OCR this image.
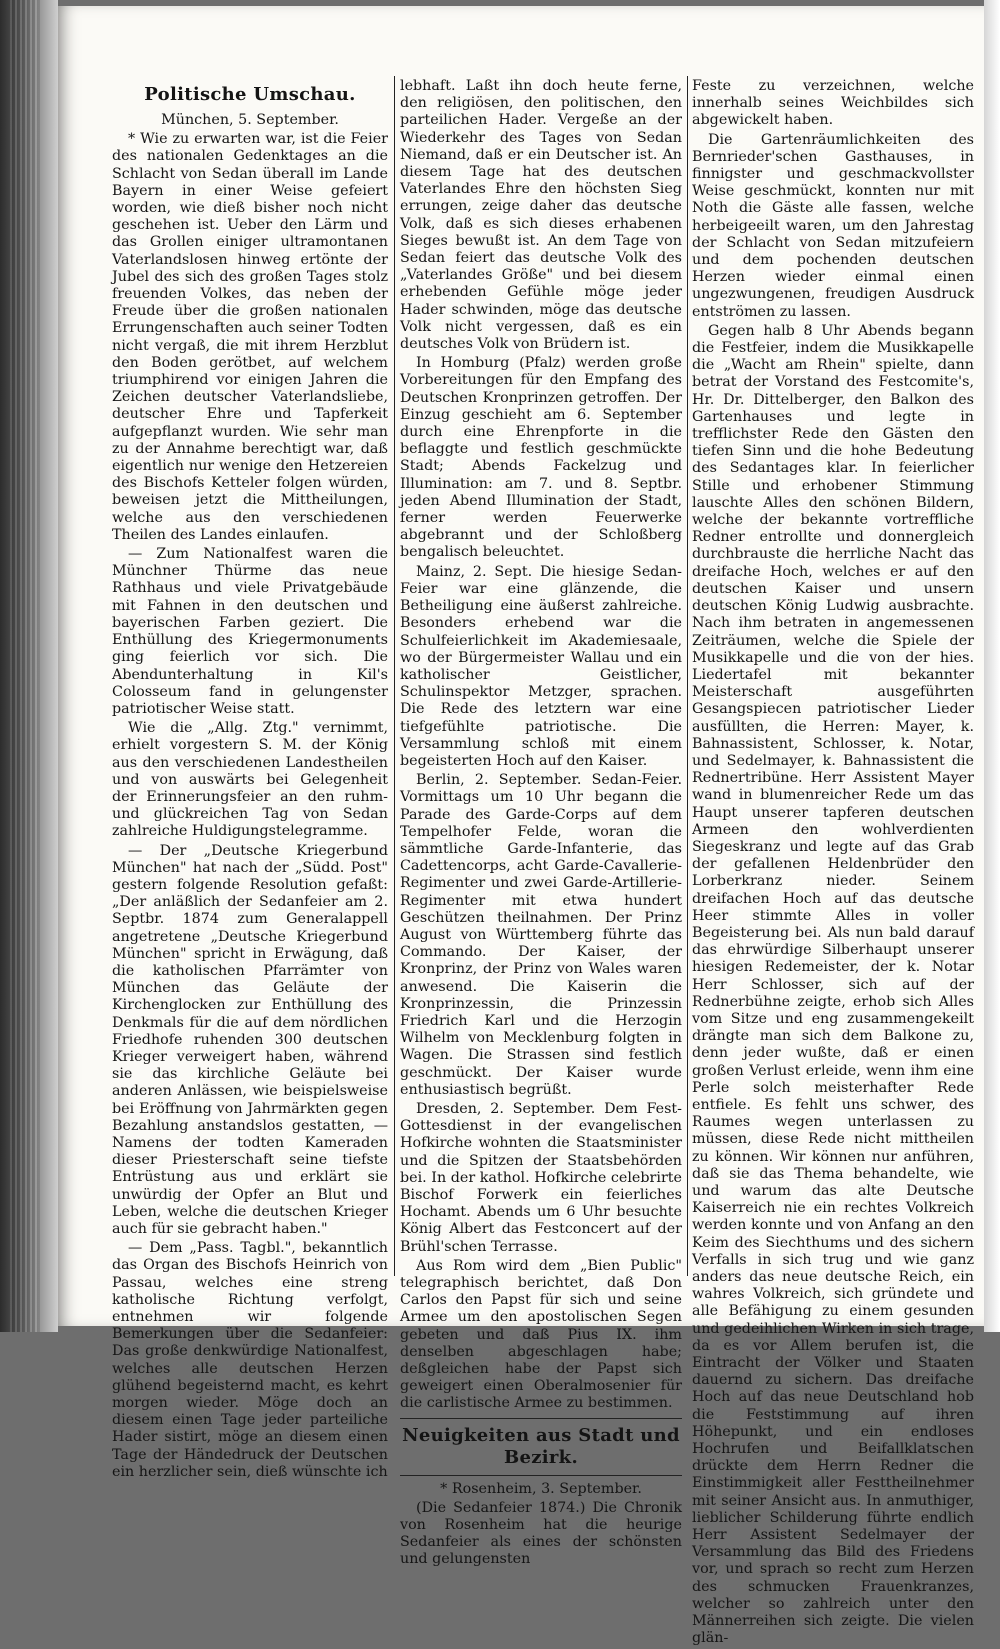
Politische Umschau.

München, 5. September.

* Wie zu erwarten war, ist die Feier des nationalen Gedenktages an die Schlacht von Sedan überall im Lande Bayern in einer Weise gefeiert worden, wie dieß bisher noch nicht geschehen ist. Ueber den Lärm und das Grollen einiger ultramontanen Vaterlandslosen hinweg ertönte der Jubel des sich des großen Tages stolz freuenden Volkes, das neben der Freude über die großen nationalen Errungenschaften auch seiner Todten nicht vergaß, die mit ihrem Herzblut den Boden gerötbet, auf welchem triumphirend vor einigen Jahren die Zeichen deutscher Vaterlandsliebe, deutscher Ehre und Tapferkeit aufgepflanzt wurden. Wie sehr man zu der Annahme berechtigt war, daß eigentlich nur wenige den Hetzereien des Bischofs Ketteler folgen würden, beweisen jetzt die Mittheilungen, welche aus den verschiedenen Theilen des Landes einlaufen.

— Zum Nationalfest waren die Münchner Thürme das neue Rathhaus und viele Privatgebäude mit Fahnen in den deutschen und bayerischen Farben geziert. Die Enthüllung des Kriegermonuments ging feierlich vor sich. Die Abendunterhaltung in Kil's Colosseum fand in gelungenster patriotischer Weise statt.

Wie die „Allg. Ztg." vernimmt, erhielt vorgestern S. M. der König aus den verschiedenen Landestheilen und von auswärts bei Gelegenheit der Erinnerungsfeier an den ruhm- und glückreichen Tag von Sedan zahlreiche Huldigungstelegramme.

— Der „Deutsche Kriegerbund München" hat nach der „Südd. Post" gestern folgende Resolution gefaßt: „Der anläßlich der Sedanfeier am 2. Septbr. 1874 zum Generalappell angetretene „Deutsche Kriegerbund München" spricht in Erwägung, daß die katholischen Pfarrämter von München das Geläute der Kirchenglocken zur Enthüllung des Denkmals für die auf dem nördlichen Friedhofe ruhenden 300 deutschen Krieger verweigert haben, während sie das kirchliche Geläute bei anderen Anlässen, wie beispielsweise bei Eröffnung von Jahrmärkten gegen Bezahlung anstandslos gestatten, — Namens der todten Kameraden dieser Priesterschaft seine tiefste Entrüstung aus und erklärt sie unwürdig der Opfer an Blut und Leben, welche die deutschen Krieger auch für sie gebracht haben."

— Dem „Pass. Tagbl.", bekanntlich das Organ des Bischofs Heinrich von Passau, welches eine streng katholische Richtung verfolgt, entnehmen wir folgende Bemerkungen über die Sedanfeier: Das große denkwürdige Nationalfest, welches alle deutschen Herzen glühend begeisternd macht, es kehrt morgen wieder. Möge doch an diesem einen Tage jeder parteiliche Hader sistirt, möge an diesem einen Tage der Händedruck der Deutschen ein herzlicher sein, dieß wünschte ich

lebhaft. Laßt ihn doch heute ferne, den religiösen, den politischen, den parteilichen Hader. Vergeße an der Wiederkehr des Tages von Sedan Niemand, daß er ein Deutscher ist. An diesem Tage hat des deutschen Vaterlandes Ehre den höchsten Sieg errungen, zeige daher das deutsche Volk, daß es sich dieses erhabenen Sieges bewußt ist. An dem Tage von Sedan feiert das deutsche Volk des „Vaterlandes Größe" und bei diesem erhebenden Gefühle möge jeder Hader schwinden, möge das deutsche Volk nicht vergessen, daß es ein deutsches Volk von Brüdern ist.

In Homburg (Pfalz) werden große Vorbereitungen für den Empfang des Deutschen Kronprinzen getroffen. Der Einzug geschieht am 6. September durch eine Ehrenpforte in die beflaggte und festlich geschmückte Stadt; Abends Fackelzug und Illumination: am 7. und 8. Septbr. jeden Abend Illumination der Stadt, ferner werden Feuerwerke abgebrannt und der Schloßberg bengalisch beleuchtet.

Mainz, 2. Sept. Die hiesige Sedan-Feier war eine glänzende, die Betheiligung eine äußerst zahlreiche. Besonders erhebend war die Schulfeierlichkeit im Akademiesaale, wo der Bürgermeister Wallau und ein katholischer Geistlicher, Schulinspektor Metzger, sprachen. Die Rede des letztern war eine tiefgefühlte patriotische. Die Versammlung schloß mit einem begeisterten Hoch auf den Kaiser.

Berlin, 2. September. Sedan-Feier. Vormittags um 10 Uhr begann die Parade des Garde-Corps auf dem Tempelhofer Felde, woran die sämmtliche Garde-Infanterie, das Cadettencorps, acht Garde-Cavallerie-Regimenter und zwei Garde-Artillerie-Regimenter mit etwa hundert Geschützen theilnahmen. Der Prinz August von Württemberg führte das Commando. Der Kaiser, der Kronprinz, der Prinz von Wales waren anwesend. Die Kaiserin die Kronprinzessin, die Prinzessin Friedrich Karl und die Herzogin Wilhelm von Mecklenburg folgten in Wagen. Die Strassen sind festlich geschmückt. Der Kaiser wurde enthusiastisch begrüßt.

Dresden, 2. September. Dem Fest-Gottesdienst in der evangelischen Hofkirche wohnten die Staatsminister und die Spitzen der Staatsbehörden bei. In der kathol. Hofkirche celebrirte Bischof Forwerk ein feierliches Hochamt. Abends um 6 Uhr besuchte König Albert das Festconcert auf der Brühl'schen Terrasse.

Aus Rom wird dem „Bien Public" telegraphisch berichtet, daß Don Carlos den Papst für sich und seine Armee um den apostolischen Segen gebeten und daß Pius IX. ihm denselben abgeschlagen habe; deßgleichen habe der Papst sich geweigert einen Oberalmosenier für die carlistische Armee zu bestimmen.

Neuigkeiten aus Stadt und Bezirk.

* Rosenheim, 3. September.

(Die Sedanfeier 1874.) Die Chronik von Rosenheim hat die heurige Sedanfeier als eines der schönsten und gelungensten

Feste zu verzeichnen, welche innerhalb seines Weichbildes sich abgewickelt haben.

Die Gartenräumlichkeiten des Bernrieder'schen Gasthauses, in finnigster und geschmackvollster Weise geschmückt, konnten nur mit Noth die Gäste alle fassen, welche herbeigeeilt waren, um den Jahrestag der Schlacht von Sedan mitzufeiern und dem pochenden deutschen Herzen wieder einmal einen ungezwungenen, freudigen Ausdruck entströmen zu lassen.

Gegen halb 8 Uhr Abends begann die Festfeier, indem die Musikkapelle die „Wacht am Rhein" spielte, dann betrat der Vorstand des Festcomite's, Hr. Dr. Dittelberger, den Balkon des Gartenhauses und legte in trefflichster Rede den Gästen den tiefen Sinn und die hohe Bedeutung des Sedantages klar. In feierlicher Stille und erhobener Stimmung lauschte Alles den schönen Bildern, welche der bekannte vortreffliche Redner entrollte und donnergleich durchbrauste die herrliche Nacht das dreifache Hoch, welches er auf den deutschen Kaiser und unsern deutschen König Ludwig ausbrachte. Nach ihm betraten in angemessenen Zeiträumen, welche die Spiele der Musikkapelle und die von der hies. Liedertafel mit bekannter Meisterschaft ausgeführten Gesangspiecen patriotischer Lieder ausfüllten, die Herren: Mayer, k. Bahnassistent, Schlosser, k. Notar, und Sedelmayer, k. Bahnassistent die Rednertribüne. Herr Assistent Mayer wand in blumenreicher Rede um das Haupt unserer tapferen deutschen Armeen den wohlverdienten Siegeskranz und legte auf das Grab der gefallenen Heldenbrüder den Lorberkranz nieder. Seinem dreifachen Hoch auf das deutsche Heer stimmte Alles in voller Begeisterung bei. Als nun bald darauf das ehrwürdige Silberhaupt unserer hiesigen Redemeister, der k. Notar Herr Schlosser, sich auf der Rednerbühne zeigte, erhob sich Alles vom Sitze und eng zusammengekeilt drängte man sich dem Balkone zu, denn jeder wußte, daß er einen großen Verlust erleide, wenn ihm eine Perle solch meisterhafter Rede entfiele. Es fehlt uns schwer, des Raumes wegen unterlassen zu müssen, diese Rede nicht mittheilen zu können. Wir können nur anführen, daß sie das Thema behandelte, wie und warum das alte Deutsche Kaiserreich nie ein rechtes Volkreich werden konnte und von Anfang an den Keim des Siechthums und des sichern Verfalls in sich trug und wie ganz anders das neue deutsche Reich, ein wahres Volkreich, sich gründete und alle Befähigung zu einem gesunden und gedeihlichen Wirken in sich trage, da es vor Allem berufen ist, die Eintracht der Völker und Staaten dauernd zu sichern. Das dreifache Hoch auf das neue Deutschland hob die Feststimmung auf ihren Höhepunkt, und ein endloses Hochrufen und Beifallklatschen drückte dem Herrn Redner die Einstimmigkeit aller Festtheilnehmer mit seiner Ansicht aus. In anmuthiger, lieblicher Schilderung führte endlich Herr Assistent Sedelmayer der Versammlung das Bild des Friedens vor, und sprach so recht zum Herzen des schmucken Frauenkranzes, welcher so zahlreich unter den Männerreihen sich zeigte. Die vielen glän-
